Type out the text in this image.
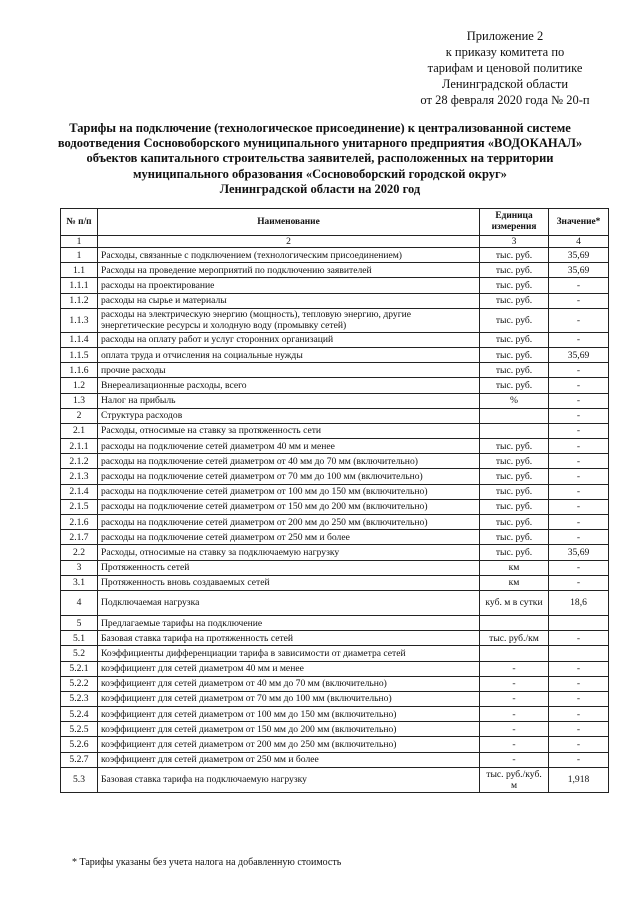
Приложение 2
к приказу комитета по
тарифам и ценовой политике
Ленинградской области
от 28 февраля 2020 года № 20-п
Тарифы на подключение (технологическое присоединение) к централизованной системе
водоотведения Сосновоборского муниципального унитарного предприятия «ВОДОКАНАЛ»
объектов капитального строительства заявителей, расположенных на территории
муниципального образования «Сосновоборский городской округ»
Ленинградской области на 2020 год
№ п/п	Наименование	Единица измерения	Значение*
1	2	3	4
1	Расходы, связанные с подключением (технологическим присоединением)	тыс. руб.	35,69
1.1	Расходы на проведение мероприятий по подключению заявителей	тыс. руб.	35,69
1.1.1	расходы на проектирование	тыс. руб.	-
1.1.2	расходы на сырье и материалы	тыс. руб.	-
1.1.3	расходы на электрическую энергию (мощность), тепловую энергию, другие энергетические ресурсы и холодную воду (промывку сетей)	тыс. руб.	-
1.1.4	расходы на оплату работ и услуг сторонних организаций	тыс. руб.	-
1.1.5	оплата труда и отчисления на социальные нужды	тыс. руб.	35,69
1.1.6	прочие расходы	тыс. руб.	-
1.2	Внереализационные расходы, всего	тыс. руб.	-
1.3	Налог на прибыль	%	-
2	Структура расходов		-
2.1	Расходы, относимые на ставку за протяженность сети		-
2.1.1	расходы на подключение сетей диаметром 40 мм и менее	тыс. руб.	-
2.1.2	расходы на подключение сетей диаметром от 40 мм до 70 мм (включительно)	тыс. руб.	-
2.1.3	расходы на подключение сетей диаметром от 70 мм до 100 мм (включительно)	тыс. руб.	-
2.1.4	расходы на подключение сетей диаметром от 100 мм до 150 мм (включительно)	тыс. руб.	-
2.1.5	расходы на подключение сетей диаметром от 150 мм до 200 мм (включительно)	тыс. руб.	-
2.1.6	расходы на подключение сетей диаметром от 200 мм до 250 мм (включительно)	тыс. руб.	-
2.1.7	расходы на подключение сетей диаметром от 250 мм и более	тыс. руб.	-
2.2	Расходы, относимые на ставку за подключаемую нагрузку	тыс. руб.	35,69
3	Протяженность сетей	км	-
3.1	Протяженность вновь создаваемых сетей	км	-
4	Подключаемая нагрузка	куб. м в сутки	18,6
5	Предлагаемые тарифы на подключение		
5.1	Базовая ставка тарифа на протяженность сетей	тыс. руб./км	-
5.2	Коэффициенты дифференциации тарифа в зависимости от диаметра сетей		
5.2.1	коэффициент для сетей диаметром 40 мм и менее	-	-
5.2.2	коэффициент для сетей диаметром от 40 мм до 70 мм (включительно)	-	-
5.2.3	коэффициент для сетей диаметром от 70 мм до 100 мм (включительно)	-	-
5.2.4	коэффициент для сетей диаметром от 100 мм до 150 мм (включительно)	-	-
5.2.5	коэффициент для сетей диаметром от 150 мм до 200 мм (включительно)	-	-
5.2.6	коэффициент для сетей диаметром от 200 мм до 250 мм (включительно)	-	-
5.2.7	коэффициент для сетей диаметром от 250 мм и более	-	-
5.3	Базовая ставка тарифа на подключаемую нагрузку	тыс. руб./куб. м	1,918
* Тарифы указаны без учета налога на добавленную стоимость
